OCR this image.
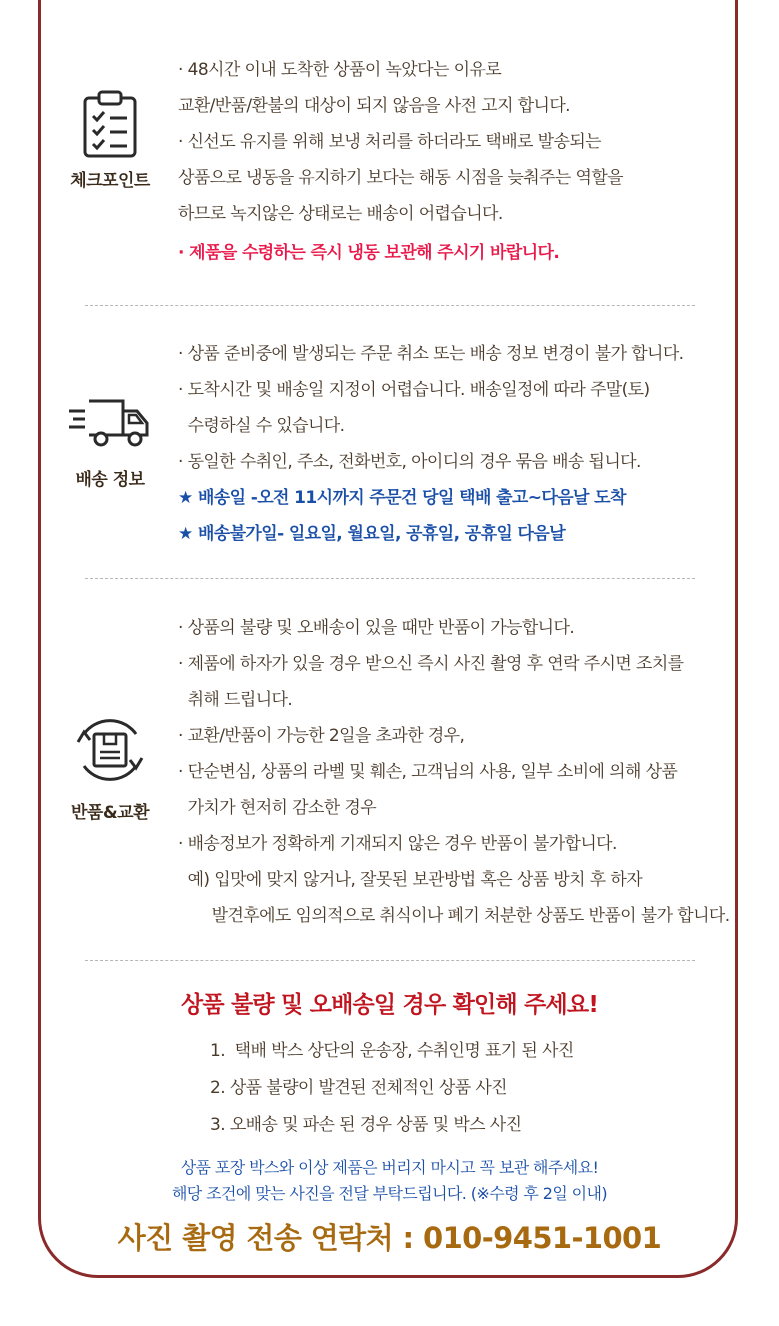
체크포인트
· 48시간 이내 도착한 상품이 녹았다는 이유로
교환/반품/환불의 대상이 되지 않음을 사전 고지 합니다.
· 신선도 유지를 위해 보냉 처리를 하더라도 택배로 발송되는
상품으로 냉동을 유지하기 보다는 해동 시점을 늦춰주는 역할을
하므로 녹지않은 상태로는 배송이 어렵습니다.
· 제품을 수령하는 즉시 냉동 보관해 주시기 바랍니다.
배송 정보
· 상품 준비중에 발생되는 주문 취소 또는 배송 정보 변경이 불가 합니다.
· 도착시간 및 배송일 지정이 어렵습니다. 배송일정에 따라 주말(토)
수령하실 수 있습니다.
· 동일한 수취인, 주소, 전화번호, 아이디의 경우 묶음 배송 됩니다.
★ 배송일 -오전 11시까지 주문건 당일 택배 출고~다음날 도착
★ 배송불가일- 일요일, 월요일, 공휴일, 공휴일 다음날
반품&교환
· 상품의 불량 및 오배송이 있을 때만 반품이 가능합니다.
· 제품에 하자가 있을 경우 받으신 즉시 사진 촬영 후 연락 주시면 조치를
취해 드립니다.
· 교환/반품이 가능한 2일을 초과한 경우,
· 단순변심, 상품의 라벨 및 훼손, 고객님의 사용, 일부 소비에 의해 상품
가치가 현저히 감소한 경우
· 배송정보가 정확하게 기재되지 않은 경우 반품이 불가합니다.
예) 입맛에 맞지 않거나, 잘못된 보관방법 혹은 상품 방치 후 하자
발견후에도 임의적으로 취식이나 폐기 처분한 상품도 반품이 불가 합니다.
상품 불량 및 오배송일 경우 확인해 주세요!
1.  택배 박스 상단의 운송장, 수취인명 표기 된 사진
2. 상품 불량이 발견된 전체적인 상품 사진
3. 오배송 및 파손 된 경우 상품 및 박스 사진
상품 포장 박스와 이상 제품은 버리지 마시고 꼭 보관 해주세요!
해당 조건에 맞는 사진을 전달 부탁드립니다. (※수령 후 2일 이내)
사진 촬영 전송 연락처 : 010-9451-1001
